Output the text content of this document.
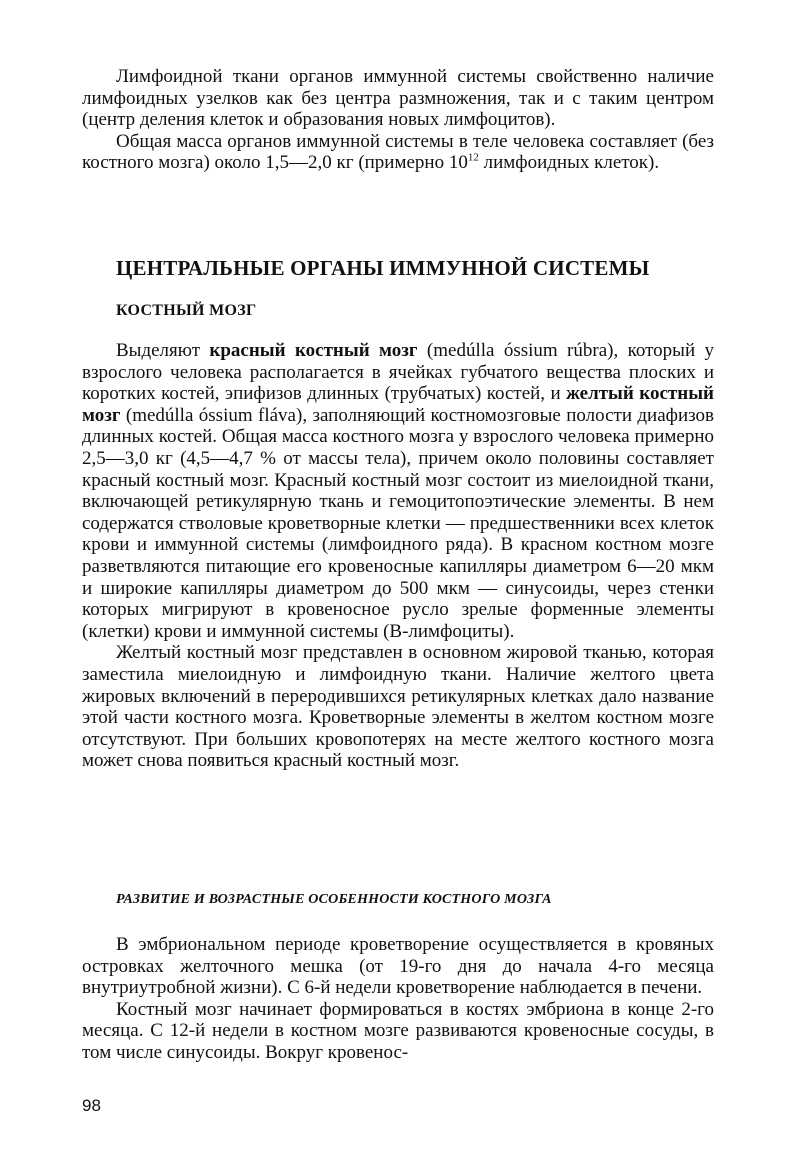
Лимфоидной ткани органов иммунной системы свойственно наличие лимфоидных узелков как без центра размножения, так и с таким центром (центр деления клеток и образования новых лимфоцитов).

Общая масса органов иммунной системы в теле человека составляет (без костного мозга) около 1,5—2,0 кг (примерно $10^{12}$ лимфоидных клеток).

ЦЕНТРАЛЬНЫЕ ОРГАНЫ ИММУННОЙ СИСТЕМЫ
КОСТНЫЙ МОЗГ

Выделяют красный костный мозг (medúlla óssium rúbra), который у взрослого человека располагается в ячейках губчатого вещества плоских и коротких костей, эпифизов длинных (трубчатых) костей, и желтый костный мозг (medúlla óssium fláva), заполняющий костномозговые полости диафизов длинных костей. Общая масса костного мозга у взрослого человека примерно 2,5—3,0 кг (4,5—4,7 % от массы тела), причем около половины составляет красный костный мозг. Красный костный мозг состоит из миелоидной ткани, включающей ретикулярную ткань и гемоцитопоэтические элементы. В нем содержатся стволовые кроветворные клетки — предшественники всех клеток крови и иммунной системы (лимфоидного ряда). В красном костном мозге разветвляются питающие его кровеносные капилляры диаметром 6—20 мкм и широкие капилляры диаметром до 500 мкм — синусоиды, через стенки которых мигрируют в кровеносное русло зрелые форменные элементы (клетки) крови и иммунной системы (В-лимфоциты).

Желтый костный мозг представлен в основном жировой тканью, которая заместила миелоидную и лимфоидную ткани. Наличие желтого цвета жировых включений в переродившихся ретикулярных клетках дало название этой части костного мозга. Кроветворные элементы в желтом костном мозге отсутствуют. При больших кровопотерях на месте желтого костного мозга может снова появиться красный костный мозг.

РАЗВИТИЕ И ВОЗРАСТНЫЕ ОСОБЕННОСТИ КОСТНОГО МОЗГА

В эмбриональном периоде кроветворение осуществляется в кровяных островках желточного мешка (от 19-го дня до начала 4-го месяца внутриутробной жизни). С 6-й недели кроветворение наблюдается в печени.

Костный мозг начинает формироваться в костях эмбриона в конце 2-го месяца. С 12-й недели в костном мозге развиваются кровеносные сосуды, в том числе синусоиды. Вокруг кровенос-

98
